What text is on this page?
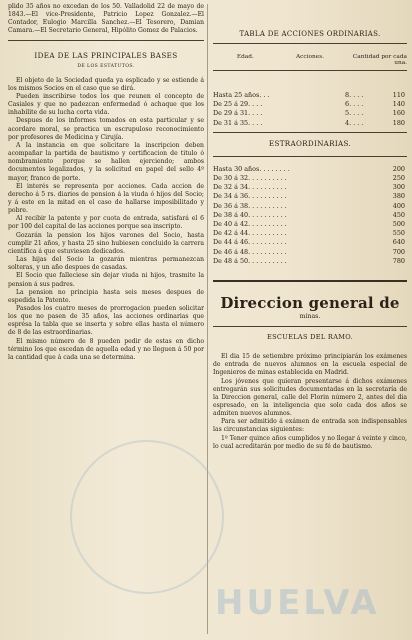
plido 35 años no excedan de los 50. Valladolid 22 de mayo de 1843.—El vice-Presidente, Patricio Lopez Gonzalez.—El Contador, Eulogio Marcilla Sanchez.—El Tesorero, Damian Camara.—El Secretario General, Hipólito Gomez de Palacios.

IDEA DE LAS PRINCIPALES BASES
DE LOS ESTATUTOS.

El objeto de la Sociedad queda ya esplicado y se estiende á los mismos Socios en el caso que se dirá.

Pueden inscribirse todos los que reunen el concepto de Casiales y que no padezcan enfermedad ó achaque que los inhabilite de su lucha corta vida.

Despues de los informes tomados en esta particular y se acordare moral, se practica un escrupuloso reconocimiento por profesores de Medicina y Cirujía.

A la instancia en que solicitare la inscripcion deben acompañar la partida de bautismo y certificacion de titulo ó nombramiento porque se hallen ejerciendo; ambos documentos legalizados, y la solicitud en papel del sello 4º mayor, franco de porte.

El interés se representa por acciones. Cada accion de derecho á 5 rs. diarios de pension á la viuda ó hijos del Socio; y á este en la mitad en el caso de hallarse imposibilitado y pobre.

Al recibir la patente y por cuota de entrada, satisfará el 6 por 100 del capital de las acciones porque sea inscripto.

Gozarán la pension los hijos varones del Socio, hasta cumplir 21 años, y hasta 25 sino hubiesen concluido la carrera científica á que estuviesen dedicados.

Las hijas del Socio la gozarán mientras permanezcan solteras, y un año despues de casadas.

El Socio que falleciese sin dejar viuda ni hijos, trasmite la pension á sus padres.

La pension no principia hasta seis meses despues de espedida la Patente.

Pasados los cuatro meses de prorrogacion pueden solicitar los que no pasen de 35 años, las acciones ordinarias que esprésa la tabla que se inserta y sobre ellas hasta el número de 8 de las estraordinarias.

El mismo número de 8 pueden pedir de estas en dicho término los que escedan de aquella edad y no lleguen á 50 por la cantidad que á cada una se determina.

TABLA DE ACCIONES ORDINARIAS.
Edad.	Acciones.	Cantidad por cada una.
Hasta 25 años. . .	8. . . .	110
De 25 á 29. . . .	6. . . .	140
De 29 á 31. . . .	5. . . .	160
De 31 á 35. . . .	4. . . .	180
ESTRAORDINARIAS.
Hasta 30 años. . . . . . . .	200
De 30 á 32. . . . . . . . . .	250
De 32 á 34. . . . . . . . . .	300
De 34 á 36. . . . . . . . . .	380
De 36 á 38. . . . . . . . . .	400
De 38 á 40. . . . . . . . . .	450
De 40 á 42. . . . . . . . . .	500
De 42 á 44. . . . . . . . . .	550
De 44 á 46. . . . . . . . . .	640
De 46 á 48. . . . . . . . . .	700
De 48 á 50. . . . . . . . . .	780
Direccion general de
minas.
ESCUELAS DEL RAMO.

El dia 15 de setiembre próximo principiarán los exámenes de entrada de nuevos alumnos en la escuela especial de Ingenieros de minas establecida en Madrid.

Los jóvenes que quieran presentarse á dichos exámenes entregarán sus solicitudes documentadas en la secretaría de la Direccion general, calle del Florin número 2, antes del dia espresado, en la inteligencia que solo cada dos años se admiten nuevos alumnos.

Para ser admitido á exámen de entrada son indispensables las circunstancias siguientes:

1º Tener quince años cumplidos y no llegar á veinte y cinco, lo cual acreditarán por medio de su fé de bautismo.

HUELVA
